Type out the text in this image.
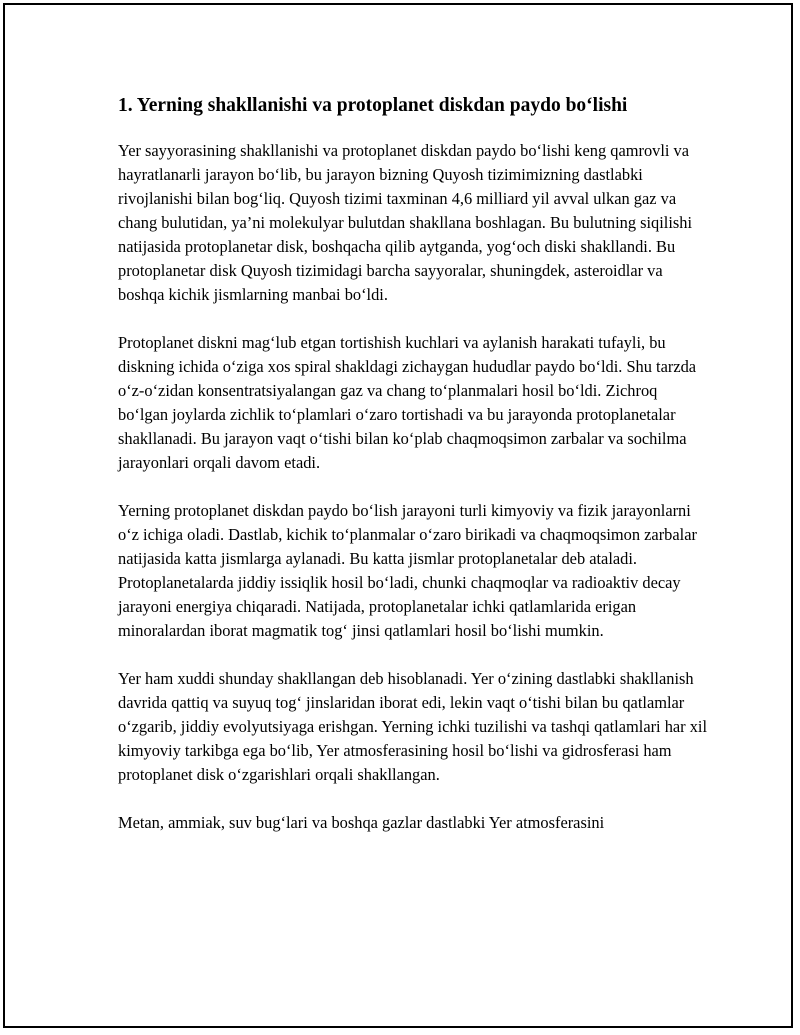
1. Yerning shakllanishi va protoplanet diskdan paydo bo‘lishi

Yer sayyorasining shakllanishi va protoplanet diskdan paydo bo‘lishi keng qamrovli va hayratlanarli jarayon bo‘lib, bu jarayon bizning Quyosh tizimimizning dastlabki rivojlanishi bilan bog‘liq. Quyosh tizimi taxminan 4,6 milliard yil avval ulkan gaz va chang bulutidan, ya’ni molekulyar bulutdan shakllana boshlagan. Bu bulutning siqilishi natijasida protoplanetar disk, boshqacha qilib aytganda, yog‘och diski shakllandi. Bu protoplanetar disk Quyosh tizimidagi barcha sayyoralar, shuningdek, asteroidlar va boshqa kichik jismlarning manbai bo‘ldi.

Protoplanet diskni mag‘lub etgan tortishish kuchlari va aylanish harakati tufayli, bu diskning ichida o‘ziga xos spiral shakldagi zichaygan hududlar paydo bo‘ldi. Shu tarzda o‘z-o‘zidan konsentratsiyalangan gaz va chang to‘planmalari hosil bo‘ldi. Zichroq bo‘lgan joylarda zichlik to‘plamlari o‘zaro tortishadi va bu jarayonda protoplanetalar shakllanadi. Bu jarayon vaqt o‘tishi bilan ko‘plab chaqmoqsimon zarbalar va sochilma jarayonlari orqali davom etadi.

Yerning protoplanet diskdan paydo bo‘lish jarayoni turli kimyoviy va fizik jarayonlarni o‘z ichiga oladi. Dastlab, kichik to‘planmalar o‘zaro birikadi va chaqmoqsimon zarbalar natijasida katta jismlarga aylanadi. Bu katta jismlar protoplanetalar deb ataladi. Protoplanetalarda jiddiy issiqlik hosil bo‘ladi, chunki chaqmoqlar va radioaktiv decay jarayoni energiya chiqaradi. Natijada, protoplanetalar ichki qatlamlarida erigan minoralardan iborat magmatik tog‘ jinsi qatlamlari hosil bo‘lishi mumkin.

Yer ham xuddi shunday shakllangan deb hisoblanadi. Yer o‘zining dastlabki shakllanish davrida qattiq va suyuq tog‘ jinslaridan iborat edi, lekin vaqt o‘tishi bilan bu qatlamlar o‘zgarib, jiddiy evolyutsiyaga erishgan. Yerning ichki tuzilishi va tashqi qatlamlari har xil kimyoviy tarkibga ega bo‘lib, Yer atmosferasining hosil bo‘lishi va gidrosferasi ham protoplanet disk o‘zgarishlari orqali shakllangan.

Metan, ammiak, suv bug‘lari va boshqa gazlar dastlabki Yer atmosferasini
